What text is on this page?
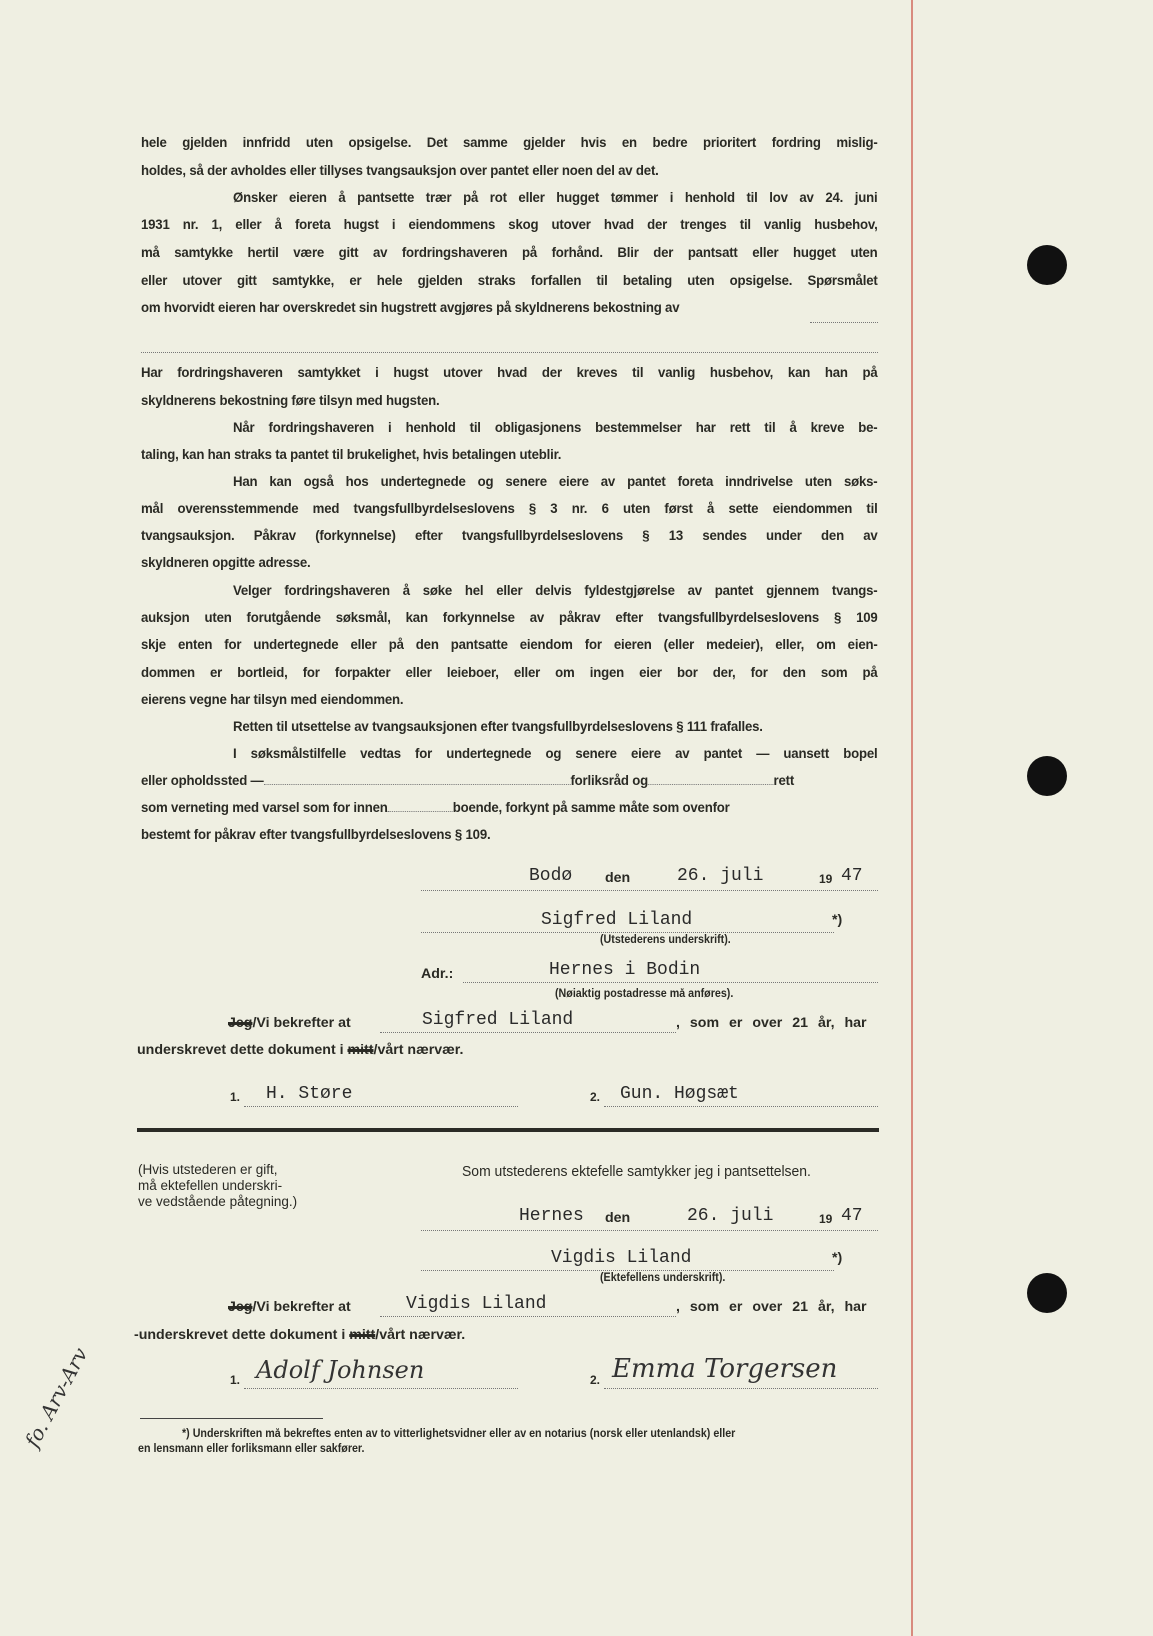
hele gjelden innfridd uten opsigelse. Det samme gjelder hvis en bedre prioritert fordring mislig-
holdes, så der avholdes eller tillyses tvangsauksjon over pantet eller noen del av det.
Ønsker eieren å pantsette trær på rot eller hugget tømmer i henhold til lov av 24. juni
1931 nr. 1, eller å foreta hugst i eiendommens skog utover hvad der trenges til vanlig husbehov,
må samtykke hertil være gitt av fordringshaveren på forhånd. Blir der pantsatt eller hugget uten
eller utover gitt samtykke, er hele gjelden straks forfallen til betaling uten opsigelse. Spørsmålet
om hvorvidt eieren har overskredet sin hugstrett avgjøres på skyldnerens bekostning av
Har fordringshaveren samtykket i hugst utover hvad der kreves til vanlig husbehov, kan han på
skyldnerens bekostning føre tilsyn med hugsten.
Når fordringshaveren i henhold til obligasjonens bestemmelser har rett til å kreve be-
taling, kan han straks ta pantet til brukelighet, hvis betalingen uteblir.
Han kan også hos undertegnede og senere eiere av pantet foreta inndrivelse uten søks-
mål overensstemmende med tvangsfullbyrdelseslovens § 3 nr. 6 uten først å sette eiendommen til
tvangsauksjon. Påkrav (forkynnelse) efter tvangsfullbyrdelseslovens § 13 sendes under den av
skyldneren opgitte adresse.
Velger fordringshaveren å søke hel eller delvis fyldestgjørelse av pantet gjennem tvangs-
auksjon uten forutgående søksmål, kan forkynnelse av påkrav efter tvangsfullbyrdelseslovens § 109
skje enten for undertegnede eller på den pantsatte eiendom for eieren (eller medeier), eller, om eien-
dommen er bortleid, for forpakter eller leieboer, eller om ingen eier bor der, for den som på
eierens vegne har tilsyn med eiendommen.
Retten til utsettelse av tvangsauksjonen efter tvangsfullbyrdelseslovens § 111 frafalles.
I søksmålstilfelle vedtas for undertegnede og senere eiere av pantet — uansett bopel
eller opholdssted —	forliksråd og	rett
som verneting med varsel som for innen	boende, forkynt på samme måte som ovenfor
bestemt for påkrav efter tvangsfullbyrdelseslovens § 109.
Bodø den	26. juli	19 47
Sigfred Liland	*)
(Utstederens underskrift).
Adr.:	Hernes i Bodin
(Nøiaktig postadresse må anføres).
Jeg/Vi bekrefter at	Sigfred Liland	, som er over 21 år, har
underskrevet dette dokument i mitt/vårt nærvær.
1. H. Støre	2. Gun. Høgsæt
(Hvis utstederen er gift,
må ektefellen underskri-
ve vedstående påtegning.)
Som utstederens ektefelle samtykker jeg i pantsettelsen.
Hernes den	26. juli	19 47
Vigdis Liland	*)
(Ektefellens underskrift).
Jeg/Vi bekrefter at	Vigdis Liland	, som er over 21 år, har
-underskrevet dette dokument i mitt/vårt nærvær.
1. Adolf Johnsen	2. Emma Torgersen
fo. Arv-Arv	*) Underskriften må bekreftes enten av to vitterlighetsvidner eller av en notarius (norsk eller utenlandsk) eller
en lensmann eller forliksmann eller sakfører.
